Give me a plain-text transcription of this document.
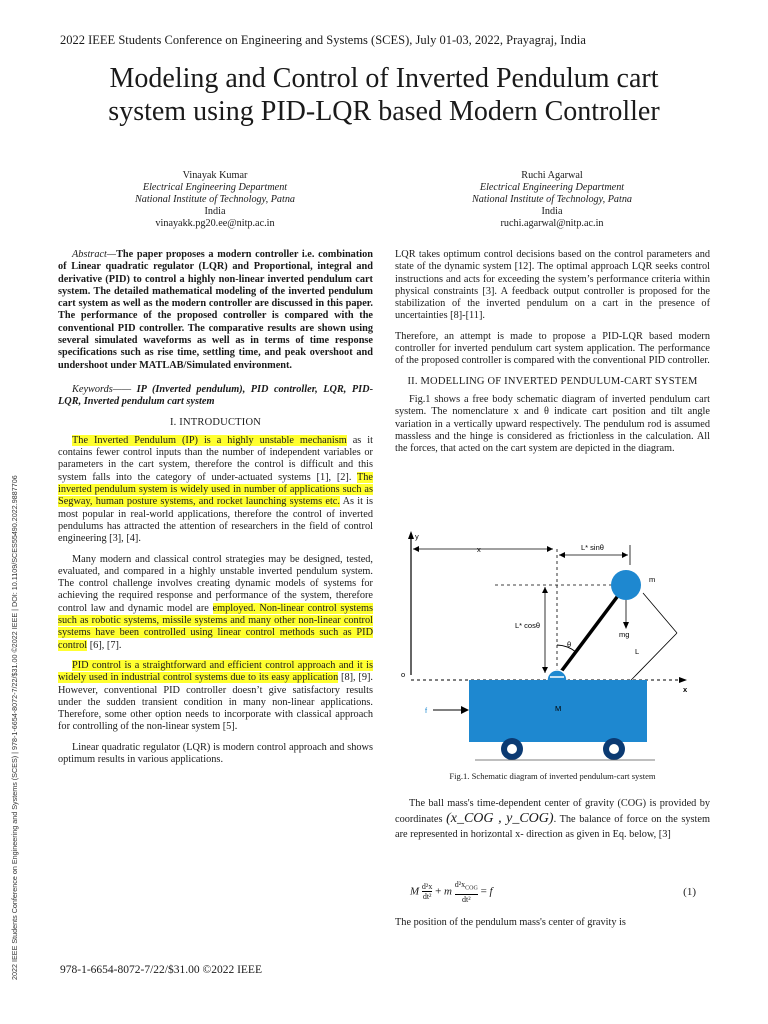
2022 IEEE Students Conference on Engineering and Systems (SCES), July 01-03, 2022, Prayagraj, India
Modeling and Control of Inverted Pendulum cart
system using PID-LQR based Modern Controller
Vinayak Kumar
Electrical Engineering Department
National Institute of Technology, Patna
India
vinayakk.pg20.ee@nitp.ac.in
Ruchi Agarwal
Electrical Engineering Department
National Institute of Technology, Patna
India
ruchi.agarwal@nitp.ac.in

Abstract—The paper proposes a modern controller i.e. combination of Linear quadratic regulator (LQR) and Proportional, integral and derivative (PID) to control a highly non-linear inverted pendulum cart system. The detailed mathematical modeling of the inverted pendulum cart system as well as the modern controller are discussed in this paper. The performance of the proposed controller is compared with the conventional PID controller. The comparative results are shown using several simulated waveforms as well as in terms of time response specifications such as rise time, settling time, and peak overshoot and undershoot under MATLAB/Simulated environment.

Keywords—— IP (Inverted pendulum), PID controller, LQR, PID-LQR, Inverted pendulum cart system

I. INTRODUCTION

The Inverted Pendulum (IP) is a highly unstable mechanism as it contains fewer control inputs than the number of independent variables or parameters in the cart system, therefore the control is difficult and this system falls into the category of under-actuated systems [1], [2]. The inverted pendulum system is widely used in number of applications such as Segway, human posture systems, and rocket launching systems etc. As it is most popular in real-world applications, therefore the control of inverted pendulums has attracted the attention of researchers in the field of control engineering [3], [4].

Many modern and classical control strategies may be designed, tested, evaluated, and compared in a highly unstable inverted pendulum system. The control challenge involves creating dynamic models of systems for achieving the required response and performance of the system, therefore control law and dynamic model are employed. Non-linear control systems such as robotic systems, missile systems and many other non-linear control systems have been controlled using linear control methods such as PID control [6], [7].

PID control is a straightforward and efficient control approach and it is widely used in industrial control systems due to its easy application [8], [9]. However, conventional PID controller doesn’t give satisfactory results under the sudden transient condition in many non-linear applications. Therefore, some other option needs to incorporate with classical approach for controlling of the non-linear system [5].

Linear quadratic regulator (LQR) is modern control approach and shows optimum results in various applications.

LQR takes optimum control decisions based on the control parameters and state of the dynamic system [12]. The optimal approach LQR seeks control instructions and acts for exceeding the system’s performance criteria within physical constraints [3]. A feedback output controller is proposed for the stabilization of the inverted pendulum on a cart in the presence of uncertainties [8]-[11].

Therefore, an attempt is made to propose a PID-LQR based modern controller for inverted pendulum cart system application. The performance of the proposed controller is compared with the conventional PID controller.

II. MODELLING OF INVERTED PENDULUM-CART SYSTEM

Fig.1 shows a free body schematic diagram of inverted pendulum cart system. The nomenclature x and θ indicate cart position and tilt angle variation in a vertically upward respectively. The pendulum rod is assumed massless and the hinge is considered as frictionless in the calculation. All the forces, that acted on the cart system are depicted in the diagram.

y
o
x
x	L* sinθ
L* cosθ
θ
L
mg
m
M
f
Fig.1. Schematic diagram of inverted pendulum-cart system

The ball mass's time-dependent center of gravity (COG) is provided by coordinates (x_COG , y_COG). The balance of force on the system are represented in horizontal x- direction as given in Eq. below, [3]

M $\frac{\text{d²x}}{\text{dt²}} + m$
$d^2x_{COG}$
dt²
= f	(1)

The position of the pendulum mass's center of gravity is

978-1-6654-8072-7/22/$31.00 ©2022 IEEE
2022 IEEE Students Conference on Engineering and Systems (SCES) | 978-1-6654-8072-7/22/$31.00 ©2022 IEEE | DOI: 10.1109/SCES55490.2022.9887706
